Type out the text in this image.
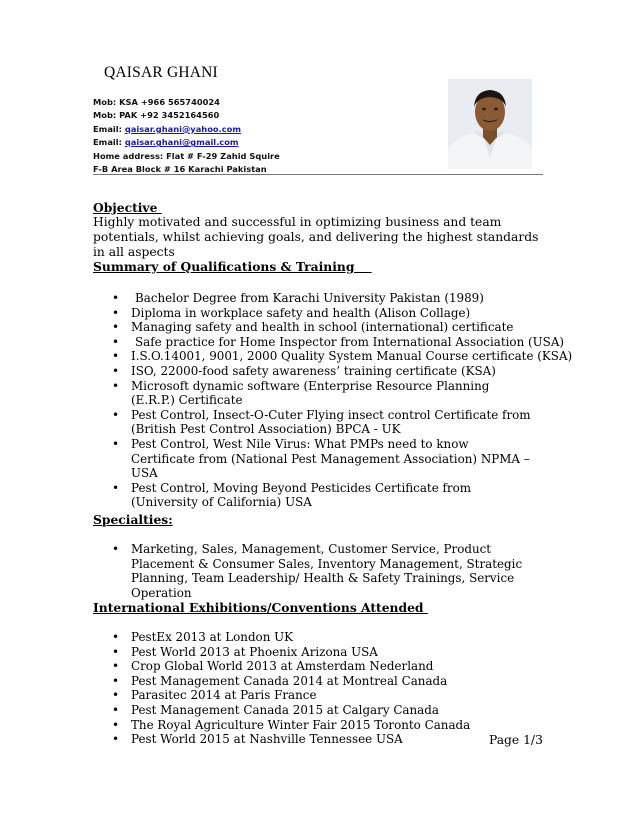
QAISAR GHANI
Mob: KSA +966 565740024
Mob: PAK +92 3452164560
Email: qaisar.ghani@yahoo.com
Email: qaisar.ghani@gmail.com
Home address: Flat # F-29 Zahid Squire
F-B Area Block # 16 Karachi Pakistan
Objective
Highly motivated and successful in optimizing business and team potentials, whilst achieving goals, and delivering the highest standards in all aspects
Summary of Qualifications & Training
• Bachelor Degree from Karachi University Pakistan (1989)
• Diploma in workplace safety and health (Alison Collage)
• Managing safety and health in school (international) certificate
• Safe practice for Home Inspector from International Association (USA)
• I.S.O.14001, 9001, 2000 Quality System Manual Course certificate (KSA)
• ISO, 22000-food safety awareness’ training certificate (KSA)
• Microsoft dynamic software (Enterprise Resource Planning (E.R.P.) Certificate
• Pest Control, Insect-O-Cuter Flying insect control Certificate from (British Pest Control Association) BPCA - UK
• Pest Control, West Nile Virus: What PMPs need to know Certificate from (National Pest Management Association) NPMA – USA
• Pest Control, Moving Beyond Pesticides Certificate from (University of California) USA
Specialties:
• Marketing, Sales, Management, Customer Service, Product Placement & Consumer Sales, Inventory Management, Strategic Planning, Team Leadership/ Health & Safety Trainings, Service Operation
International Exhibitions/Conventions Attended
• PestEx 2013 at London UK
• Pest World 2013 at Phoenix Arizona USA
• Crop Global World 2013 at Amsterdam Nederland
• Pest Management Canada 2014 at Montreal Canada
• Parasitec 2014 at Paris France
• Pest Management Canada 2015 at Calgary Canada
• The Royal Agriculture Winter Fair 2015 Toronto Canada
• Pest World 2015 at Nashville Tennessee USA	Page 1/3
